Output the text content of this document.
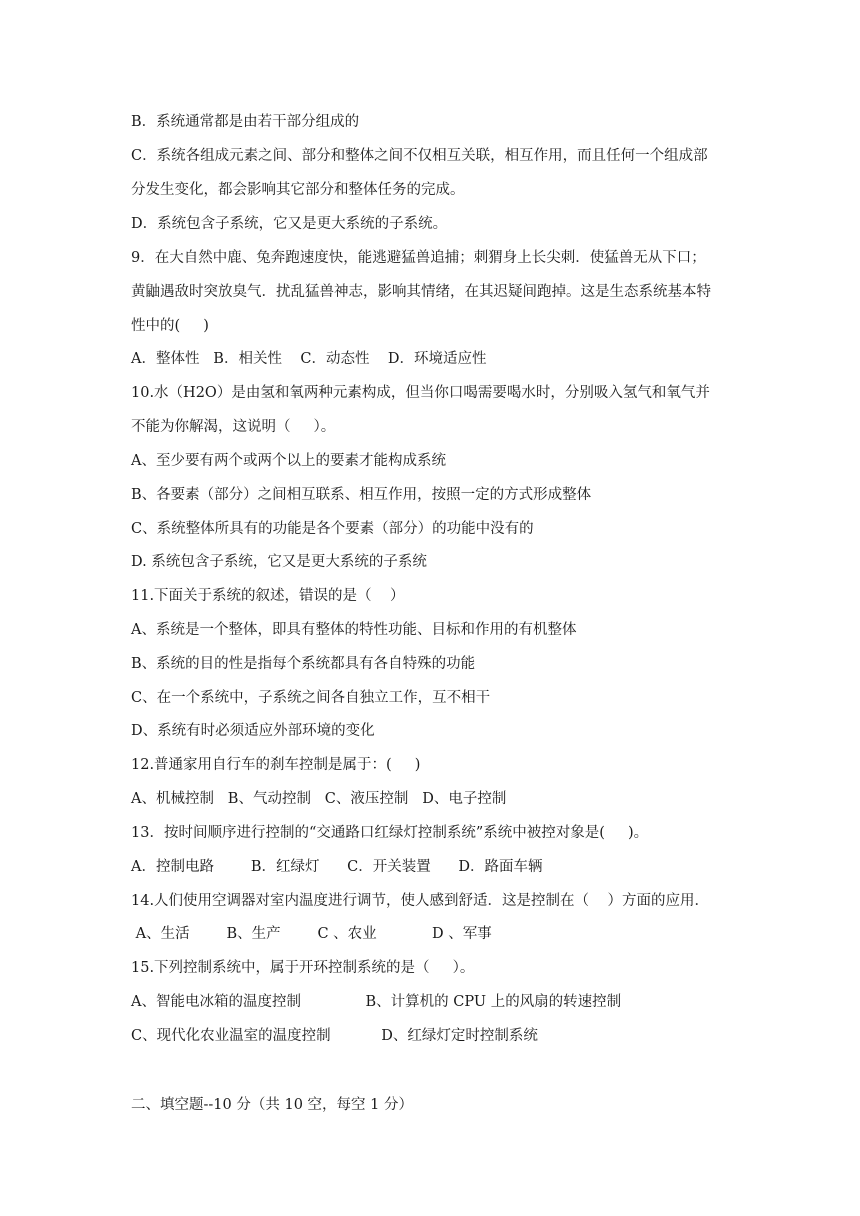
B．系统通常都是由若干部分组成的
C．系统各组成元素之间、部分和整体之间不仅相互关联，相互作用，而且任何一个组成部
分发生变化，都会影响其它部分和整体任务的完成。
D．系统包含子系统，它又是更大系统的子系统。
9．在大自然中鹿、兔奔跑速度快，能逃避猛兽追捕；刺猬身上长尖刺．使猛兽无从下口；
黄鼬遇敌时突放臭气．扰乱猛兽神志，影响其情绪，在其迟疑间跑掉。这是生态系统基本特
性中的(     )
A．整体性   B．相关性    C．动态性    D．环境适应性
10.水（H2O）是由氢和氧两种元素构成，但当你口喝需要喝水时，分别吸入氢气和氧气并
不能为你解渴，这说明（     ）。
A、至少要有两个或两个以上的要素才能构成系统
B、各要素（部分）之间相互联系、相互作用，按照一定的方式形成整体
C、系统整体所具有的功能是各个要素（部分）的功能中没有的
D. 系统包含子系统，它又是更大系统的子系统
11.下面关于系统的叙述，错误的是（    ）
A、系统是一个整体，即具有整体的特性功能、目标和作用的有机整体
B、系统的目的性是指每个系统都具有各自特殊的功能
C、在一个系统中，子系统之间各自独立工作，互不相干
D、系统有时必须适应外部环境的变化
12.普通家用自行车的刹车控制是属于：(     )
A、机械控制   B、气动控制   C、液压控制   D、电子控制
13．按时间顺序进行控制的“交通路口红绿灯控制系统”系统中被控对象是(     )。
A．控制电路        B．红绿灯      C．开关装置      D．路面车辆
14.人们使用空调器对室内温度进行调节，使人感到舒适．这是控制在（    ）方面的应用．
A、生活        B、生产        C 、农业            D 、军事
15.下列控制系统中，属于开环控制系统的是（     ）。
A、智能电冰箱的温度控制              B、计算机的 CPU 上的风扇的转速控制
C、现代化农业温室的温度控制           D、红绿灯定时控制系统
二、填空题--10 分（共 10 空，每空 1 分）
